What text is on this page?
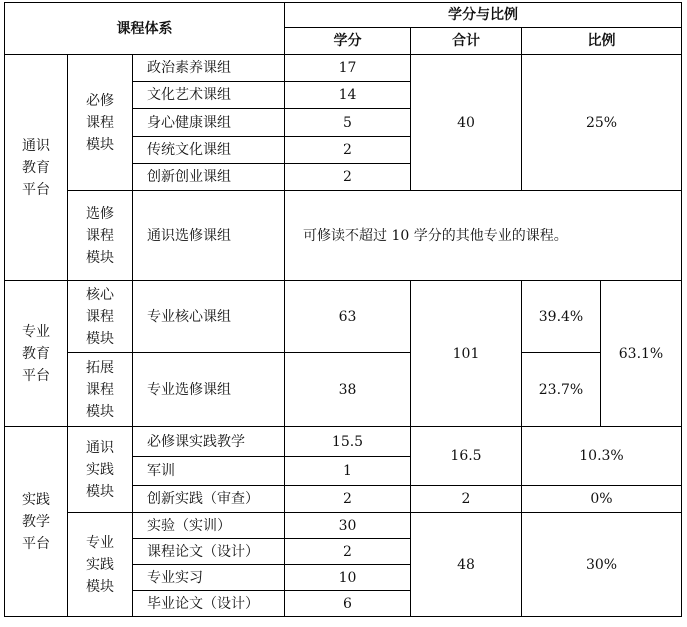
课程体系			学分与比例			
			学分	合计	比例	

通识
教育
平台	必修
课程
模块	政治素养课组	17	40	25%	
		文化艺术课组	14			
		身心健康课组	5			
		传统文化课组	2			
		创新创业课组	2			

	选修
课程
模块	通识选修课组	可修读不超过 10 学分的其他专业的课程。			

专业
教育
平台	核心
课程
模块	专业核心课组	63	101	39.4%	63.1%

	拓展
课程
模块	专业选修课组	38		23.7%	

实践
教学
平台	通识
实践
模块	必修课实践教学	15.5	16.5	10.3%	
		军训	1			
		创新实践（审查）	2	2	0%	

	专业
实践
模块	实验（实训）	30	48	30%	
		课程论文（设计）	2			
		专业实习	10			
		毕业论文（设计）	6			
